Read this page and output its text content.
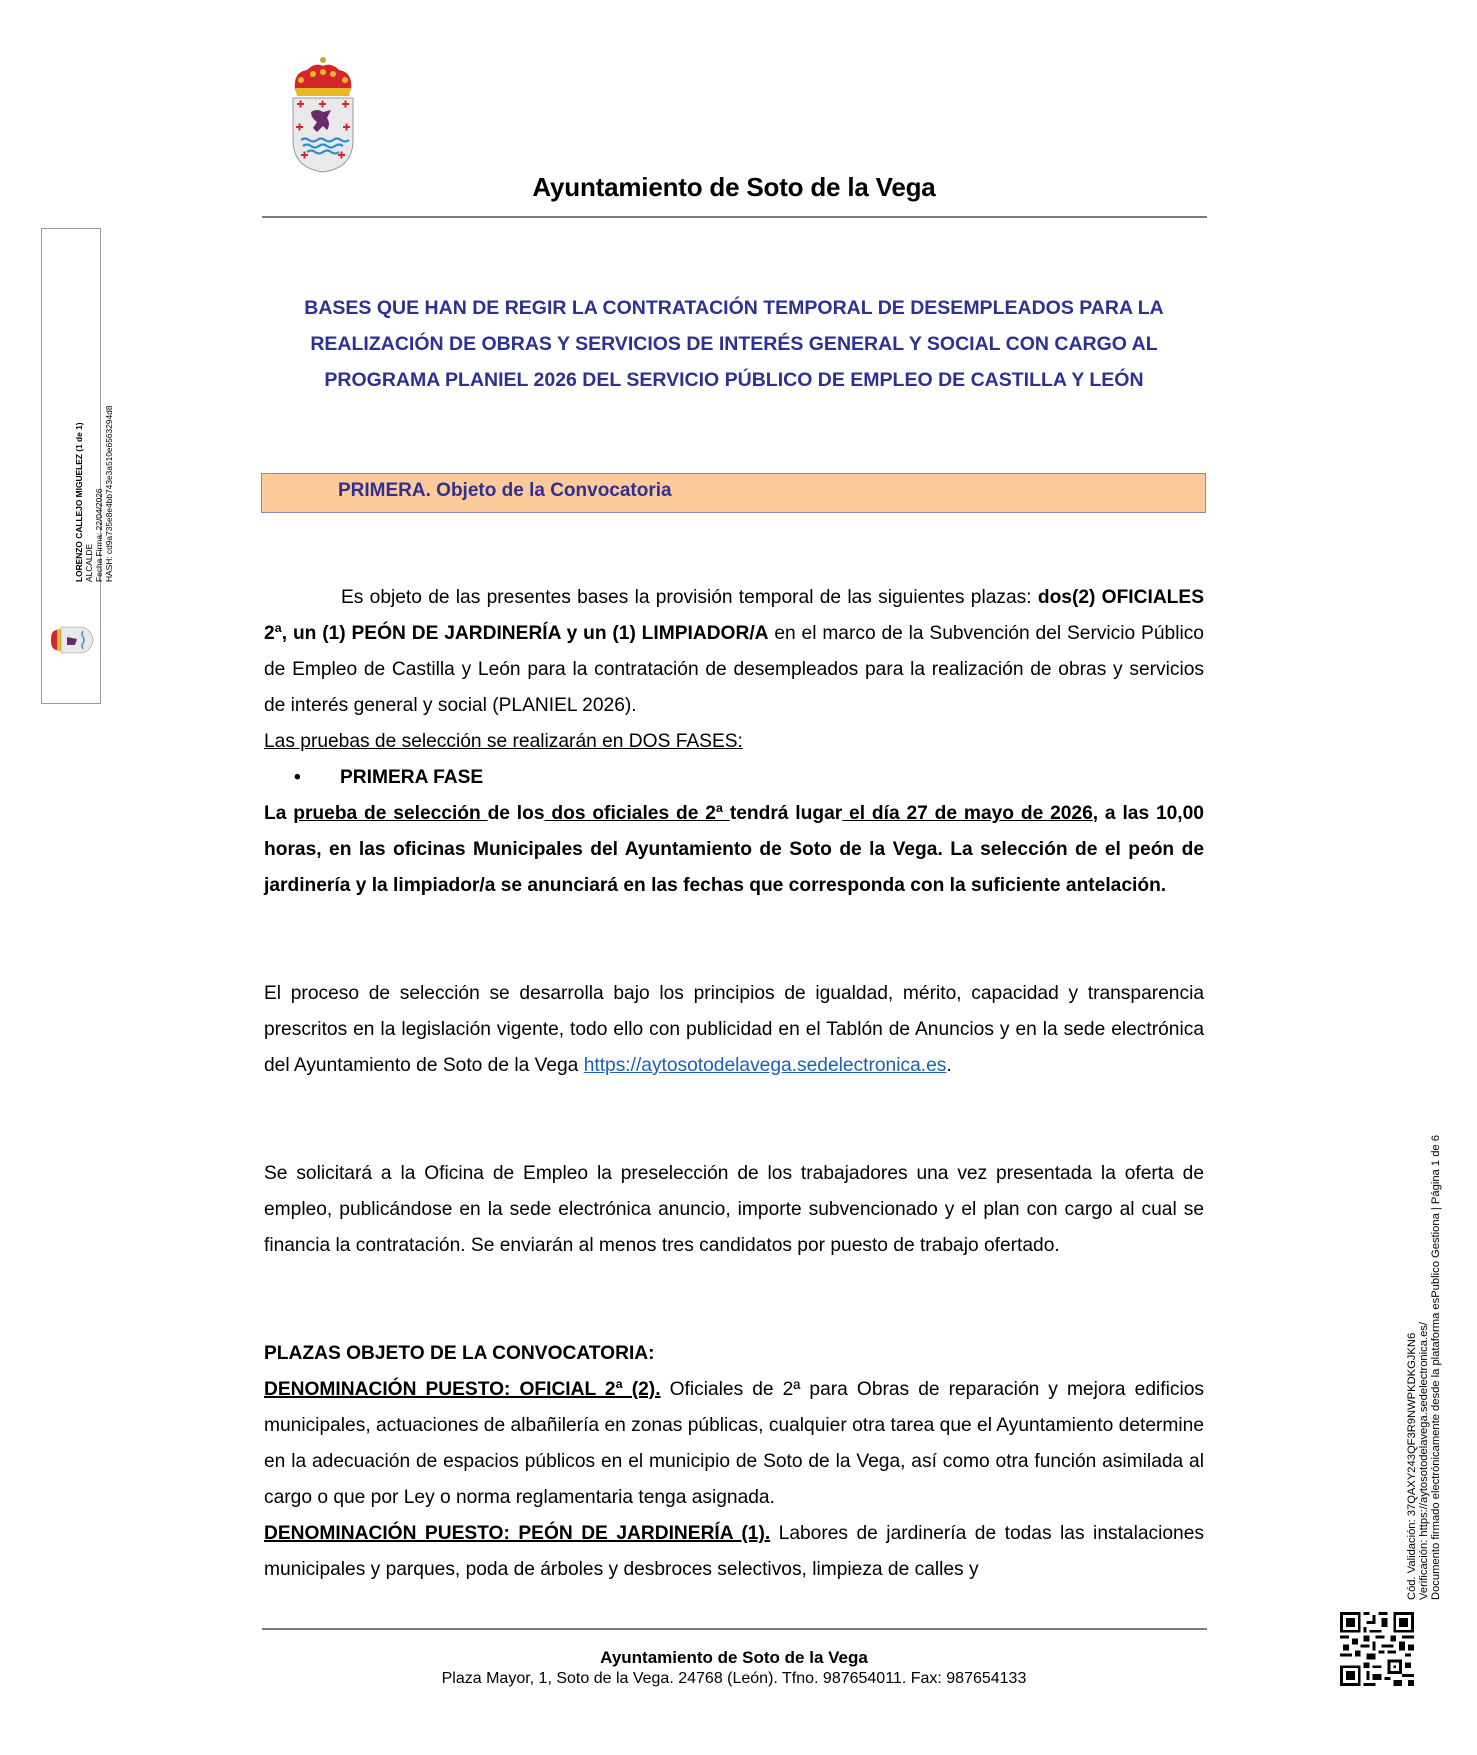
Ayuntamiento de Soto de la Vega
BASES QUE HAN DE REGIR LA CONTRATACIÓN TEMPORAL DE DESEMPLEADOS PARA LA
REALIZACIÓN DE OBRAS Y SERVICIOS DE INTERÉS GENERAL Y SOCIAL CON CARGO AL
PROGRAMA PLANIEL 2026 DEL SERVICIO PÚBLICO DE EMPLEO DE CASTILLA Y LEÓN
PRIMERA. Objeto de la Convocatoria

Es objeto de las presentes bases la provisión temporal de las siguientes plazas: dos(2) OFICIALES 2ª, un (1) PEÓN DE JARDINERÍA y un (1) LIMPIADOR/A en el marco de la Subvención del Servicio Público de Empleo de Castilla y León para la contratación de desempleados para la realización de obras y servicios de interés general y social (PLANIEL 2026).

Las pruebas de selección se realizarán en DOS FASES:

• PRIMERA FASE

La prueba de selección de los dos oficiales de 2ª tendrá lugar el día 27 de mayo de 2026, a las 10,00 horas, en las oficinas Municipales del Ayuntamiento de Soto de la Vega. La selección de el peón de jardinería y la limpiador/a se anunciará en las fechas que corresponda con la suficiente antelación.

El proceso de selección se desarrolla bajo los principios de igualdad, mérito, capacidad y transparencia prescritos en la legislación vigente, todo ello con publicidad en el Tablón de Anuncios y en la sede electrónica del Ayuntamiento de Soto de la Vega https://aytosotodelavega.sedelectronica.es.

Se solicitará a la Oficina de Empleo la preselección de los trabajadores una vez presentada la oferta de empleo, publicándose en la sede electrónica anuncio, importe subvencionado y el plan con cargo al cual se financia la contratación. Se enviarán al menos tres candidatos por puesto de trabajo ofertado.

PLAZAS OBJETO DE LA CONVOCATORIA:

DENOMINACIÓN PUESTO: OFICIAL 2ª (2). Oficiales de 2ª para Obras de reparación y mejora edificios municipales, actuaciones de albañilería en zonas públicas, cualquier otra tarea que el Ayuntamiento determine en la adecuación de espacios públicos en el municipio de Soto de la Vega, así como otra función asimilada al cargo o que por Ley o norma reglamentaria tenga asignada.

DENOMINACIÓN PUESTO: PEÓN DE JARDINERÍA (1). Labores de jardinería de todas las instalaciones municipales y parques, poda de árboles y desbroces selectivos, limpieza de calles y

Ayuntamiento de Soto de la Vega
Plaza Mayor, 1, Soto de la Vega. 24768 (León). Tfno. 987654011. Fax: 987654133
LORENZO CALLEJO MIGUELEZ (1 de 1) ALCALDE Fecha Firma: 22/04/2026 HASH: cd9a735e8e4bb743e3a510e6563294d8
Cód. Validación: 37QAXY243QF3R9NWPKDKGJKN6 Verificación: https://aytosotodelavega.sedelectronica.es/ Documento firmado electrónicamente desde la plataforma esPublico Gestiona | Página 1 de 6
